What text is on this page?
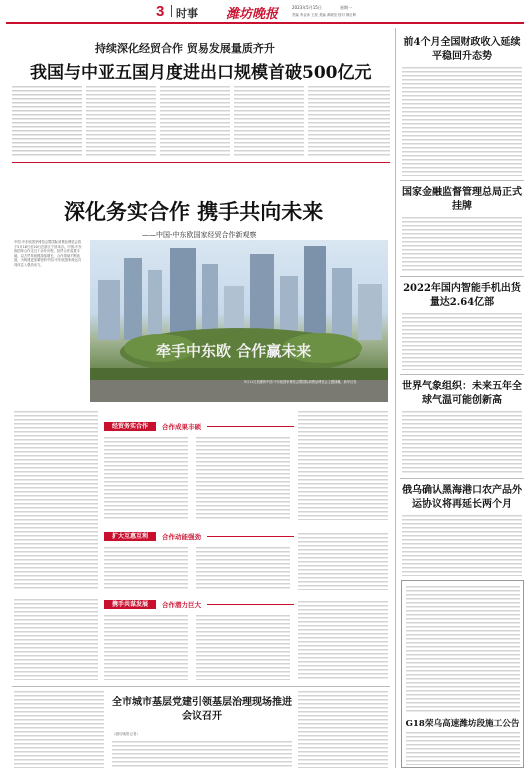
3 时事 潍坊晚报	2023年5月15日	星期一
责编 李金沐 王波 美编 黄晓莹 校对 颜红晖
持续深化经贸合作 贸易发展量质齐升
我国与中亚五国月度进出口规模首破500亿元
深化务实合作 携手共向未来
——中国-中东欧国家经贸合作新观察
中国-中东欧国家博览会暨国际消费品博览会将于5月16日至20日在浙江宁波举办。中国-中东欧国家合作走过十余年历程，经贸合作成果丰硕，双方贸易规模持续增长，合作领域不断拓展，为构建更加紧密的中国-中东欧国家命运共同体注入强劲动力。
牵手中东欧 合作赢未来
5月11日拍摄的中国-中东欧国家博览会暨国际消费品博览会主题绿雕。新华社发
经贸务实合作	合作成果丰硕
扩大互惠互利	合作动能强劲
携手共谋发展	合作潜力巨大
全市城市基层党建引领基层治理现场推进会议召开
（潍坊晚报记者）
前4个月全国财政收入延续平稳回升态势
国家金融监督管理总局正式挂牌
2022年国内智能手机出货量达2.64亿部
世界气象组织：未来五年全球气温可能创新高
俄乌确认黑海港口农产品外运协议将再延长两个月
G18荣乌高速潍坊段施工公告
